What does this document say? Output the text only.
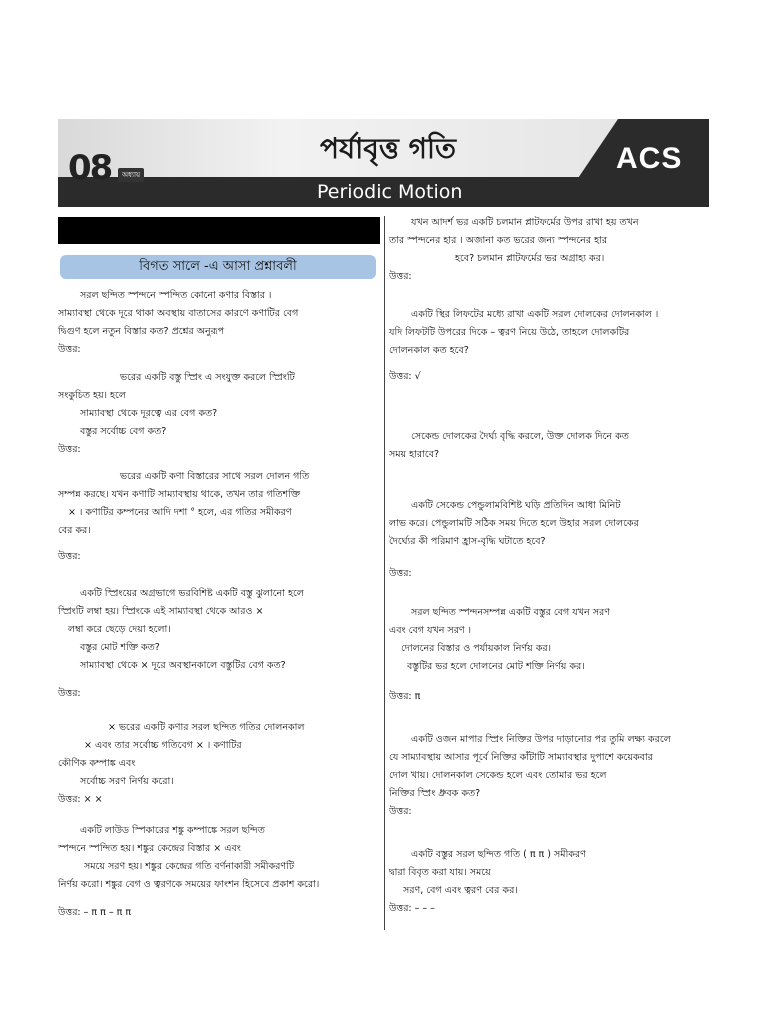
08	অধ্যায়
পর্যাবৃত্ত গতি
Periodic Motion
ACS
বিগত সালে -এ আসা প্রশ্নাবলী

সরল ছন্দিত স্পন্দনে স্পন্দিত কোনো কণার বিস্তার ।

সাম্যাবস্থা থেকে দূরে থাকা অবস্থায় বাতাসের কারণে কণাটির বেগ

দ্বিগুণ হলে নতুন বিস্তার কত? প্রশ্নের অনুরূপ

উত্তর:

ভরের একটি বস্তু স্প্রিং এ সংযুক্ত করলে স্প্রিংটি

সংকুচিত হয়। হলে

সাম্যাবস্থা থেকে দূরত্বে এর বেগ কত?

বস্তুর সর্বোচ্চ বেগ কত?

উত্তর:

ভরের একটি কণা বিস্তারের সাথে সরল দোলন গতি

সম্পন্ন করছে। যখন কণাটি সাম্যাবস্থায় থাকে, তখন তার গতিশক্তি

× । কণাটির কম্পনের আদি দশা ° হলে, এর গতির সমীকরণ

বের কর।

উত্তর:

একটি স্প্রিংয়ের অগ্রভাগে ভরবিশিষ্ট একটি বস্তু ঝুলানো হলে

স্প্রিংটি লম্বা হয়। স্প্রিংকে এই সাম্যাবস্থা থেকে আরও ×

লম্বা করে ছেড়ে দেয়া হলো।

বস্তুর মোট শক্তি কত?

সাম্যাবস্থা থেকে × দূরে অবস্থানকালে বস্তুটির বেগ কত?

উত্তর:

× ভরের একটি কণার সরল ছন্দিত গতির দোলনকাল

× এবং তার সর্বোচ্চ গতিবেগ × । কণাটির

কৌণিক কম্পাঙ্ক এবং

সর্বোচ্চ সরণ নির্ণয় করো।

উত্তর: × ×

একটি লাউড স্পিকারের শঙ্কু কম্পাঙ্কে সরল ছন্দিত

স্পন্দনে স্পন্দিত হয়। শঙ্কুর কেন্দ্রের বিস্তার × এবং

সময়ে সরণ হয়। শঙ্কুর কেন্দ্রের গতি বর্ণনাকারী সমীকরণটি

নির্ণয় করো। শঙ্কুর বেগ ও ত্বরণকে সময়ের ফাংশন হিসেবে প্রকাশ করো।

উত্তর: – π π – π π

যখন আদর্শ ভর একটি চলমান প্লাটফর্মের উপর রাখা হয় তখন

তার স্পন্দনের হার । অজানা কত ভরের জন্য স্পন্দনের হার

হবে? চলমান প্লাটফর্মের ভর অগ্রাহ্য কর।

উত্তর:

একটি স্থির লিফটের মধ্যে রাখা একটি সরল দোলকের দোলনকাল ।

যদি লিফটটি উপরের দিকে – ত্বরণ নিয়ে উঠে, তাহলে দোলকটির

দোলনকাল কত হবে?

উত্তর: √

সেকেন্ড দোলকের দৈর্ঘ্য বৃদ্ধি করলে, উক্ত দোলক দিনে কত

সময় হারাবে?

একটি সেকেন্ড পেন্ডুলামবিশিষ্ট ঘড়ি প্রতিদিন আধা মিনিট

লাভ করে। পেন্ডুলামটি সঠিক সময় দিতে হলে উহার সরল দোলকের

দৈর্ঘ্যের কী পরিমাণ হ্রাস-বৃদ্ধি ঘটাতে হবে?

উত্তর:

সরল ছন্দিত স্পন্দনসম্পন্ন একটি বস্তুর বেগ যখন সরণ

এবং বেগ যখন সরণ ।

দোলনের বিস্তার ও পর্যায়কাল নির্ণয় কর।

বস্তুটির ভর হলে দোলনের মোট শক্তি নির্ণয় কর।

উত্তর: π

একটি ওজন মাপার স্প্রিং নিক্তির উপর দাড়ানোর পর তুমি লক্ষ্য করলে

যে সাম্যাবস্থায় আসার পূর্বে নিক্তির কাঁটাটি সাম্যাবস্থার দুপাশে কয়েকবার

দোল খায়। দোলনকাল সেকেন্ড হলে এবং তোমার ভর হলে

নিক্তির স্প্রিং ধ্রুবক কত?

উত্তর:

একটি বস্তুর সরল ছন্দিত গতি ( π π ) সমীকরণ

দ্বারা বিবৃত করা যায়। সময়ে

সরণ, বেগ এবং ত্বরণ বের কর।

উত্তর: – – –
